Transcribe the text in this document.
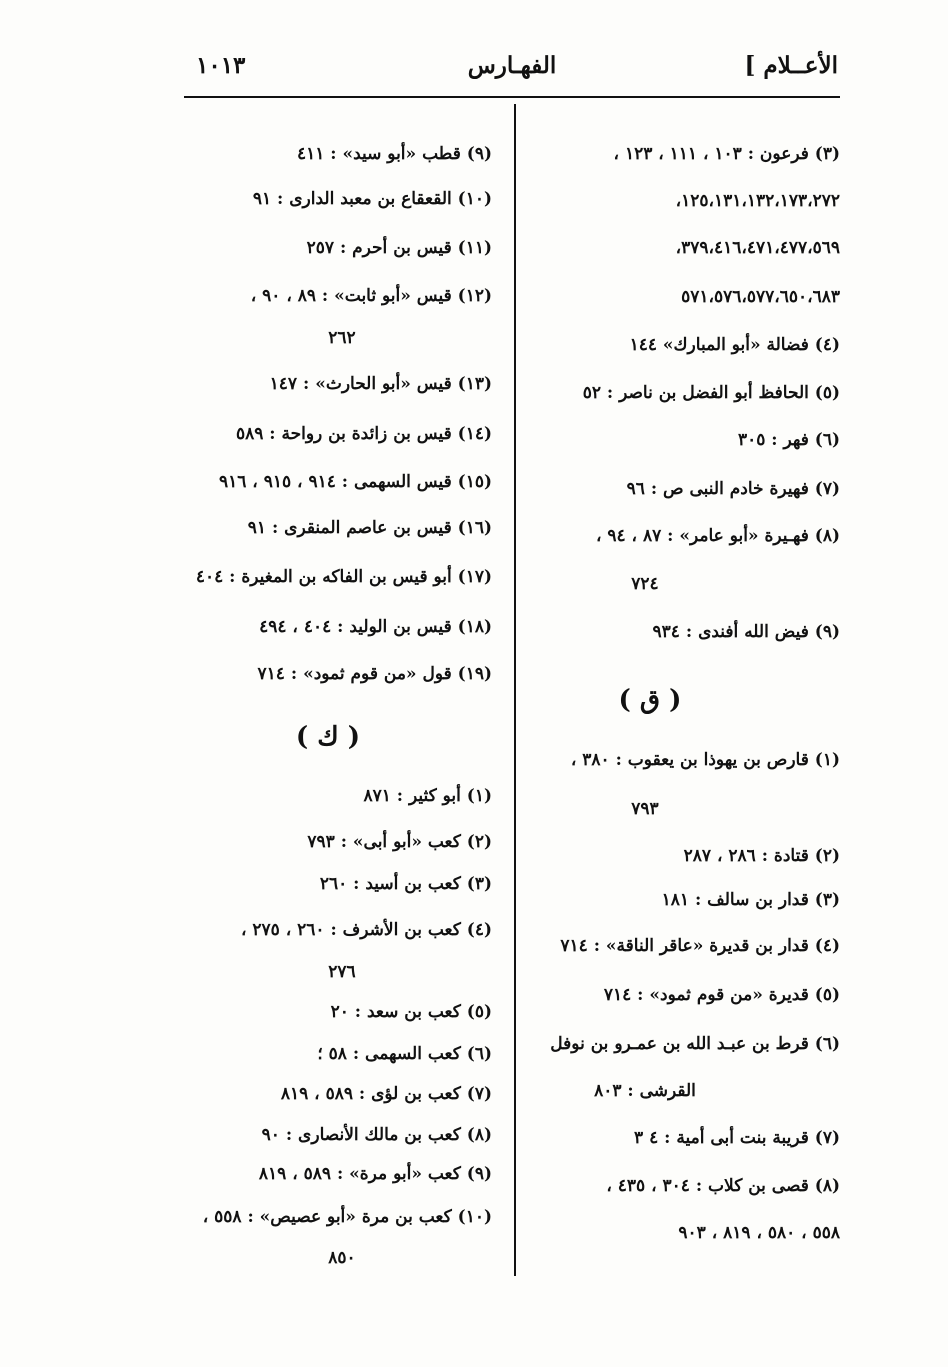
الأعــلام ]
الفهـارس
١٠١٣
(٣) فرعون : ١٠٣ ، ١١١ ، ١٢٣ ،
١٢٥،١٣١،١٣٢،١٧٣،٢٧٢،
٣٧٩،٤١٦،٤٧١،٤٧٧،٥٦٩،
٥٧١،٥٧٦،٥٧٧،٦٥٠،٦٨٣
(٤) فضالة «أبو المبارك» ١٤٤
(٥) الحافظ أبو الفضل بن ناصر : ٥٢
(٦) فهر : ٣٠٥
(٧) فهيرة خادم النبى ص : ٩٦
(٨) فهـيرة «أبو عامر» : ٨٧ ، ٩٤ ،
٧٢٤
(٩) فيض الله أفندى : ٩٣٤
( ق )
(١) قارص بن يهوذا بن يعقوب : ٣٨٠ ،
٧٩٣
(٢) قتادة : ٢٨٦ ، ٢٨٧
(٣) قدار بن سالف : ١٨١
(٤) قدار بن قديرة «عاقر الناقة» : ٧١٤
(٥) قديرة «من قوم ثمود» : ٧١٤
(٦) قرط بن عبـد الله بن عمـرو بن نوفل
القرشى : ٨٠٣
(٧) قريبة بنت أبى أمية : ٤ ٣
(٨) قصى بن كلاب : ٣٠٤ ، ٤٣٥ ،
٥٥٨ ، ٥٨٠ ، ٨١٩ ، ٩٠٣
(٩) قطب «أبو سيد» : ٤١١
(١٠) القعقاع بن معبد الدارى : ٩١
(١١) قيس بن أحرم : ٢٥٧
(١٢) قيس «أبو ثابت» : ٨٩ ، ٩٠ ،
٢٦٢
(١٣) قيس «أبو الحارث» : ١٤٧
(١٤) قيس بن زائدة بن رواحة : ٥٨٩
(١٥) قيس السهمى : ٩١٤ ، ٩١٥ ، ٩١٦
(١٦) قيس بن عاصم المنقرى : ٩١
(١٧) أبو قيس بن الفاكه بن المغيرة : ٤٠٤
(١٨) قيس بن الوليد : ٤٠٤ ، ٤٩٤
(١٩) قول «من قوم ثمود» : ٧١٤
( ك )
(١) أبو كثير : ٨٧١
(٢) كعب «أبو أبى» : ٧٩٣
(٣) كعب بن أسيد : ٢٦٠
(٤) كعب بن الأشرف : ٢٦٠ ، ٢٧٥ ،
٢٧٦
(٥) كعب بن سعد : ٢٠
(٦) كعب السهمى : ٥٨ ؛
(٧) كعب بن لؤى : ٥٨٩ ، ٨١٩
(٨) كعب بن مالك الأنصارى : ٩٠
(٩) كعب «أبو مرة» : ٥٨٩ ، ٨١٩
(١٠) كعب بن مرة «أبو عصيص» : ٥٥٨ ،
٨٥٠
